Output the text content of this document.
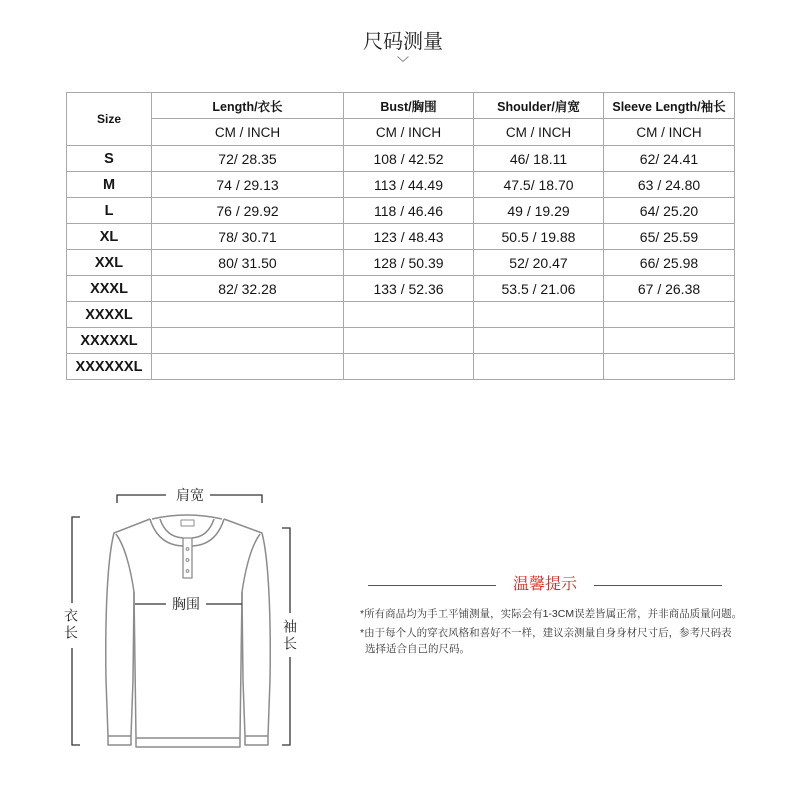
尺码测量
Size	Length/衣长	Bust/胸围	Shoulder/肩宽	Sleeve Length/袖长
	CM / INCH	CM / INCH	CM / INCH	CM / INCH
S	72/ 28.35	108 / 42.52	46/ 18.11	62/ 24.41
M	74 / 29.13	113 / 44.49	47.5/ 18.70	63 / 24.80
L	76 / 29.92	118 / 46.46	49 / 19.29	64/ 25.20
XL	78/ 30.71	123 / 48.43	50.5 / 19.88	65/ 25.59
XXL	80/ 31.50	128 / 50.39	52/ 20.47	66/ 25.98
XXXL	82/ 32.28	133 / 52.36	53.5 / 21.06	67 / 26.38
XXXXL				
XXXXXL				
XXXXXXL				
肩宽
胸围
衣长	袖长
温馨提示
*所有商品均为手工平铺测量，实际会有1-3CM误差皆属正常，并非商品质量问题。
*由于每个人的穿衣风格和喜好不一样，建议亲测量自身身材尺寸后，参考尺码表
选择适合自己的尺码。
